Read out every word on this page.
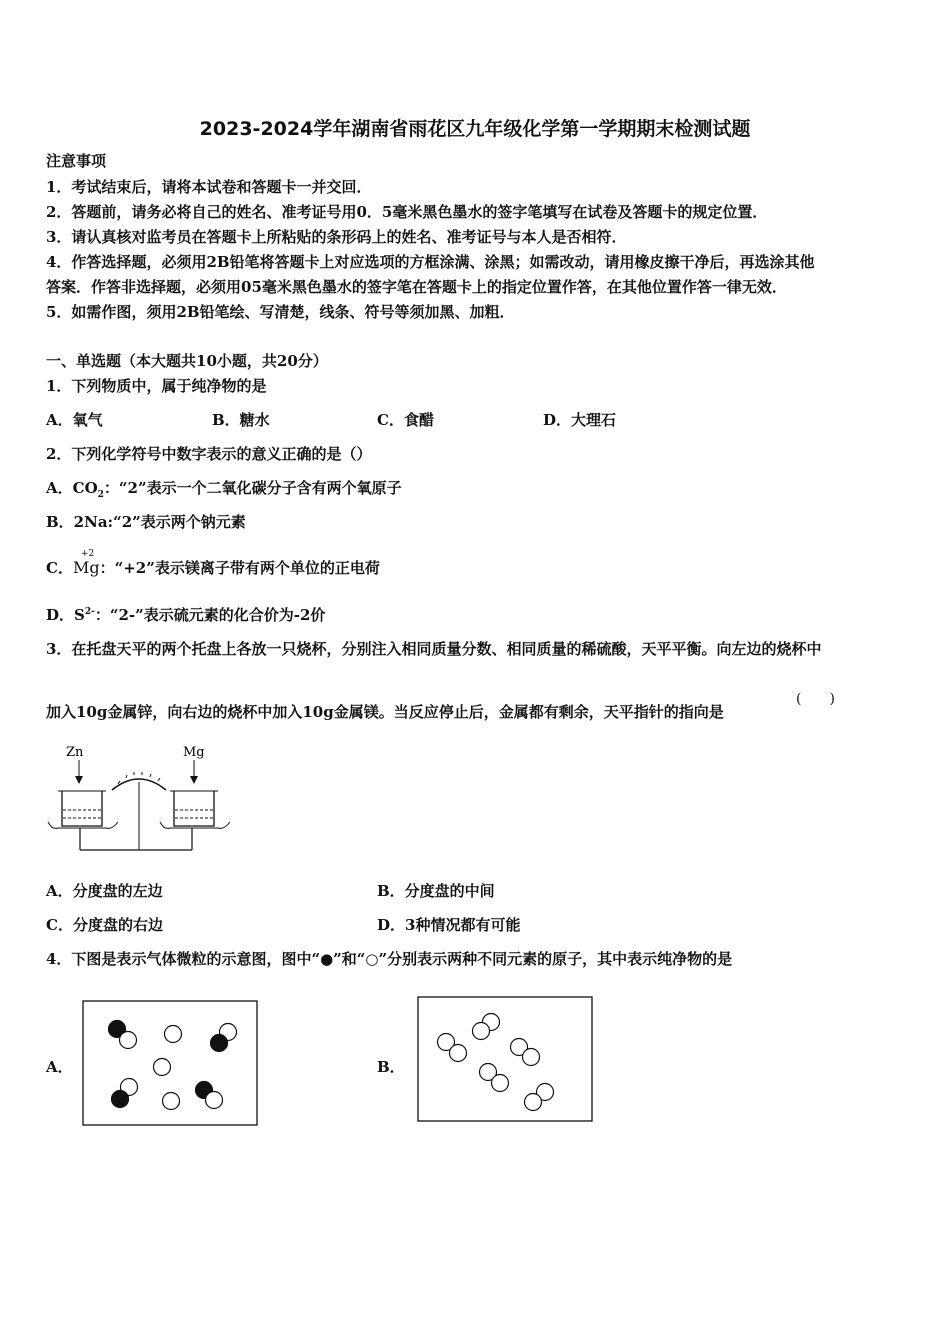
2023-2024学年湖南省雨花区九年级化学第一学期期末检测试题
注意事项
1．考试结束后，请将本试卷和答题卡一并交回．
2．答题前，请务必将自己的姓名、准考证号用0．5毫米黑色墨水的签字笔填写在试卷及答题卡的规定位置．
3．请认真核对监考员在答题卡上所粘贴的条形码上的姓名、准考证号与本人是否相符．
4．作答选择题，必须用2B铅笔将答题卡上对应选项的方框涂满、涂黑；如需改动，请用橡皮擦干净后，再选涂其他
答案．作答非选择题，必须用05毫米黑色墨水的签字笔在答题卡上的指定位置作答，在其他位置作答一律无效．
5．如需作图，须用2B铅笔绘、写清楚，线条、符号等须加黑、加粗．
一、单选题（本大题共10小题，共20分）
1．下列物质中，属于纯净物的是
A．氧气	B．糖水	C．食醋	D．大理石
2．下列化学符号中数字表示的意义正确的是（）
A．$CO_2$：“2”表示一个二氧化碳分子含有两个氧原子
B．2Na:“2”表示两个钠元素
C．
+2
Mg：“+2”表示镁离子带有两个单位的正电荷
D．$S^{2-}$：“2-”表示硫元素的化合价为-2价
3．在托盘天平的两个托盘上各放一只烧杯，分别注入相同质量分数、相同质量的稀硫酸，天平平衡。向左边的烧杯中
加入10g金属锌，向右边的烧杯中加入10g金属镁。当反应停止后，金属都有剩余，天平指针的指向是
(　　)
Zn	Mg
A．分度盘的左边	B．分度盘的中间
C．分度盘的右边	D．3种情况都有可能
4．下图是表示气体微粒的示意图，图中“●”和“○”分别表示两种不同元素的原子，其中表示纯净物的是
A．	B．
